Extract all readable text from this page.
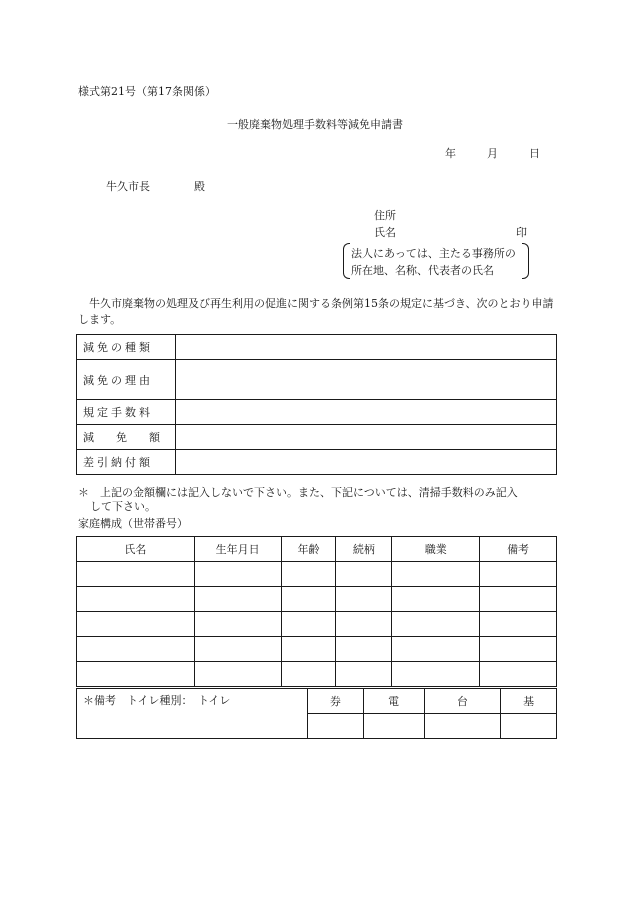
様式第21号（第17条関係）
一般廃棄物処理手数料等減免申請書
年	月	日
牛久市長	殿
住所
氏名	印
法人にあっては、主たる事務所の
所在地、名称、代表者の氏名
牛久市廃棄物の処理及び再生利用の促進に関する条例第15条の規定に基づき、次のとおり申請します。
減免の種類	
減免の理由	
規定手数料	
減　　免　　額	
差引納付額	
＊　上記の金額欄には記入しないで下さい。また、下記については、清掃手数料のみ記入
して下さい。
家庭構成（世帯番号）
氏名	生年月日	年齢	続柄	職業	備考

＊備考　トイレ種別：　トイレ	券	電	台	基
